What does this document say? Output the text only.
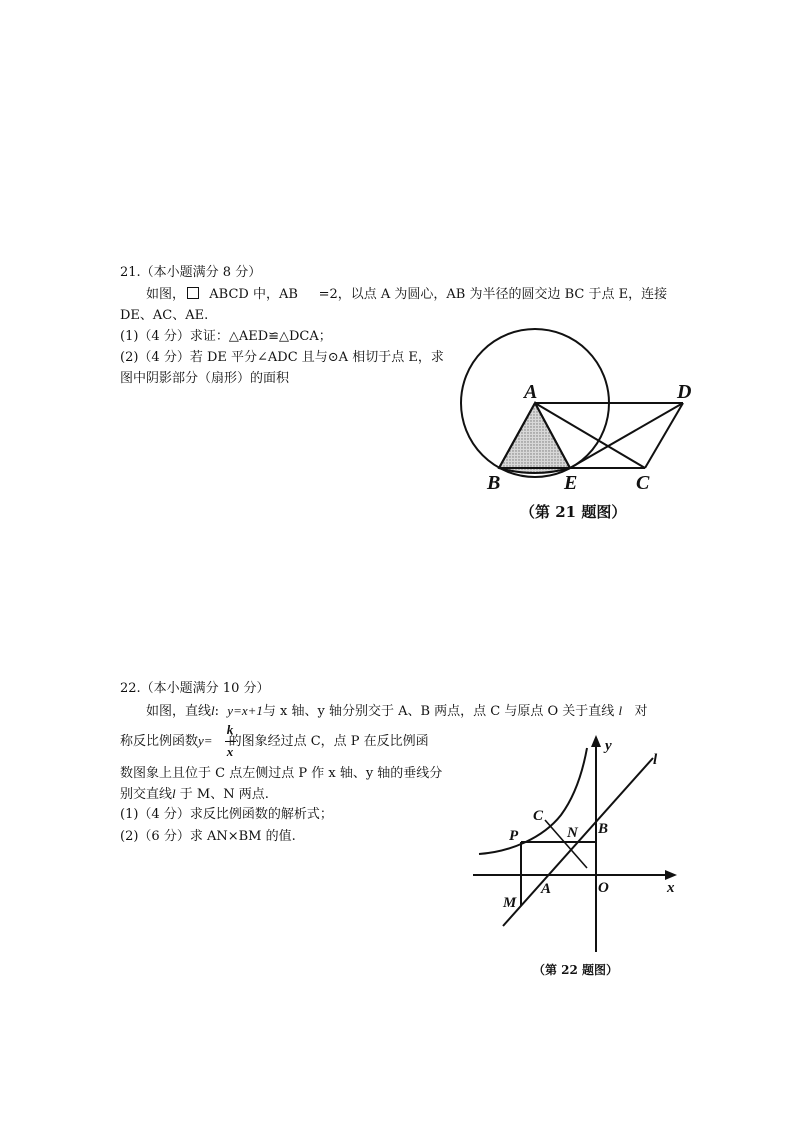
21.（本小题满分 8 分）
如图， ABCD 中，AB =2，以点 A 为圆心，AB 为半径的圆交边 BC 于点 E，连接
DE、AC、AE.
(1)（4 分）求证：△AED≌△DCA；
(2)（4 分）若 DE 平分∠ADC 且与⊙A 相切于点 E，求
图中阴影部分（扇形）的面积
A	D
B	E	C
（第 21 题图）
22.（本小题满分 10 分）
如图，直线l: y=x+1与 x 轴、y 轴分别交于 A、B 两点，点 C 与原点 O 关于直线 l 对
称反比例函数y= 的图象经过点 C，点 P 在反比例函
k
x
数图象上且位于 C 点左侧过点 P 作 x 轴、y 轴的垂线分
别交直线l 于 M、N 两点.
(1)（4 分）求反比例函数的解析式；
(2)（6 分）求 AN×BM 的值.
y
l
C
P	N B
A	O	x
M
（第 22 题图）
